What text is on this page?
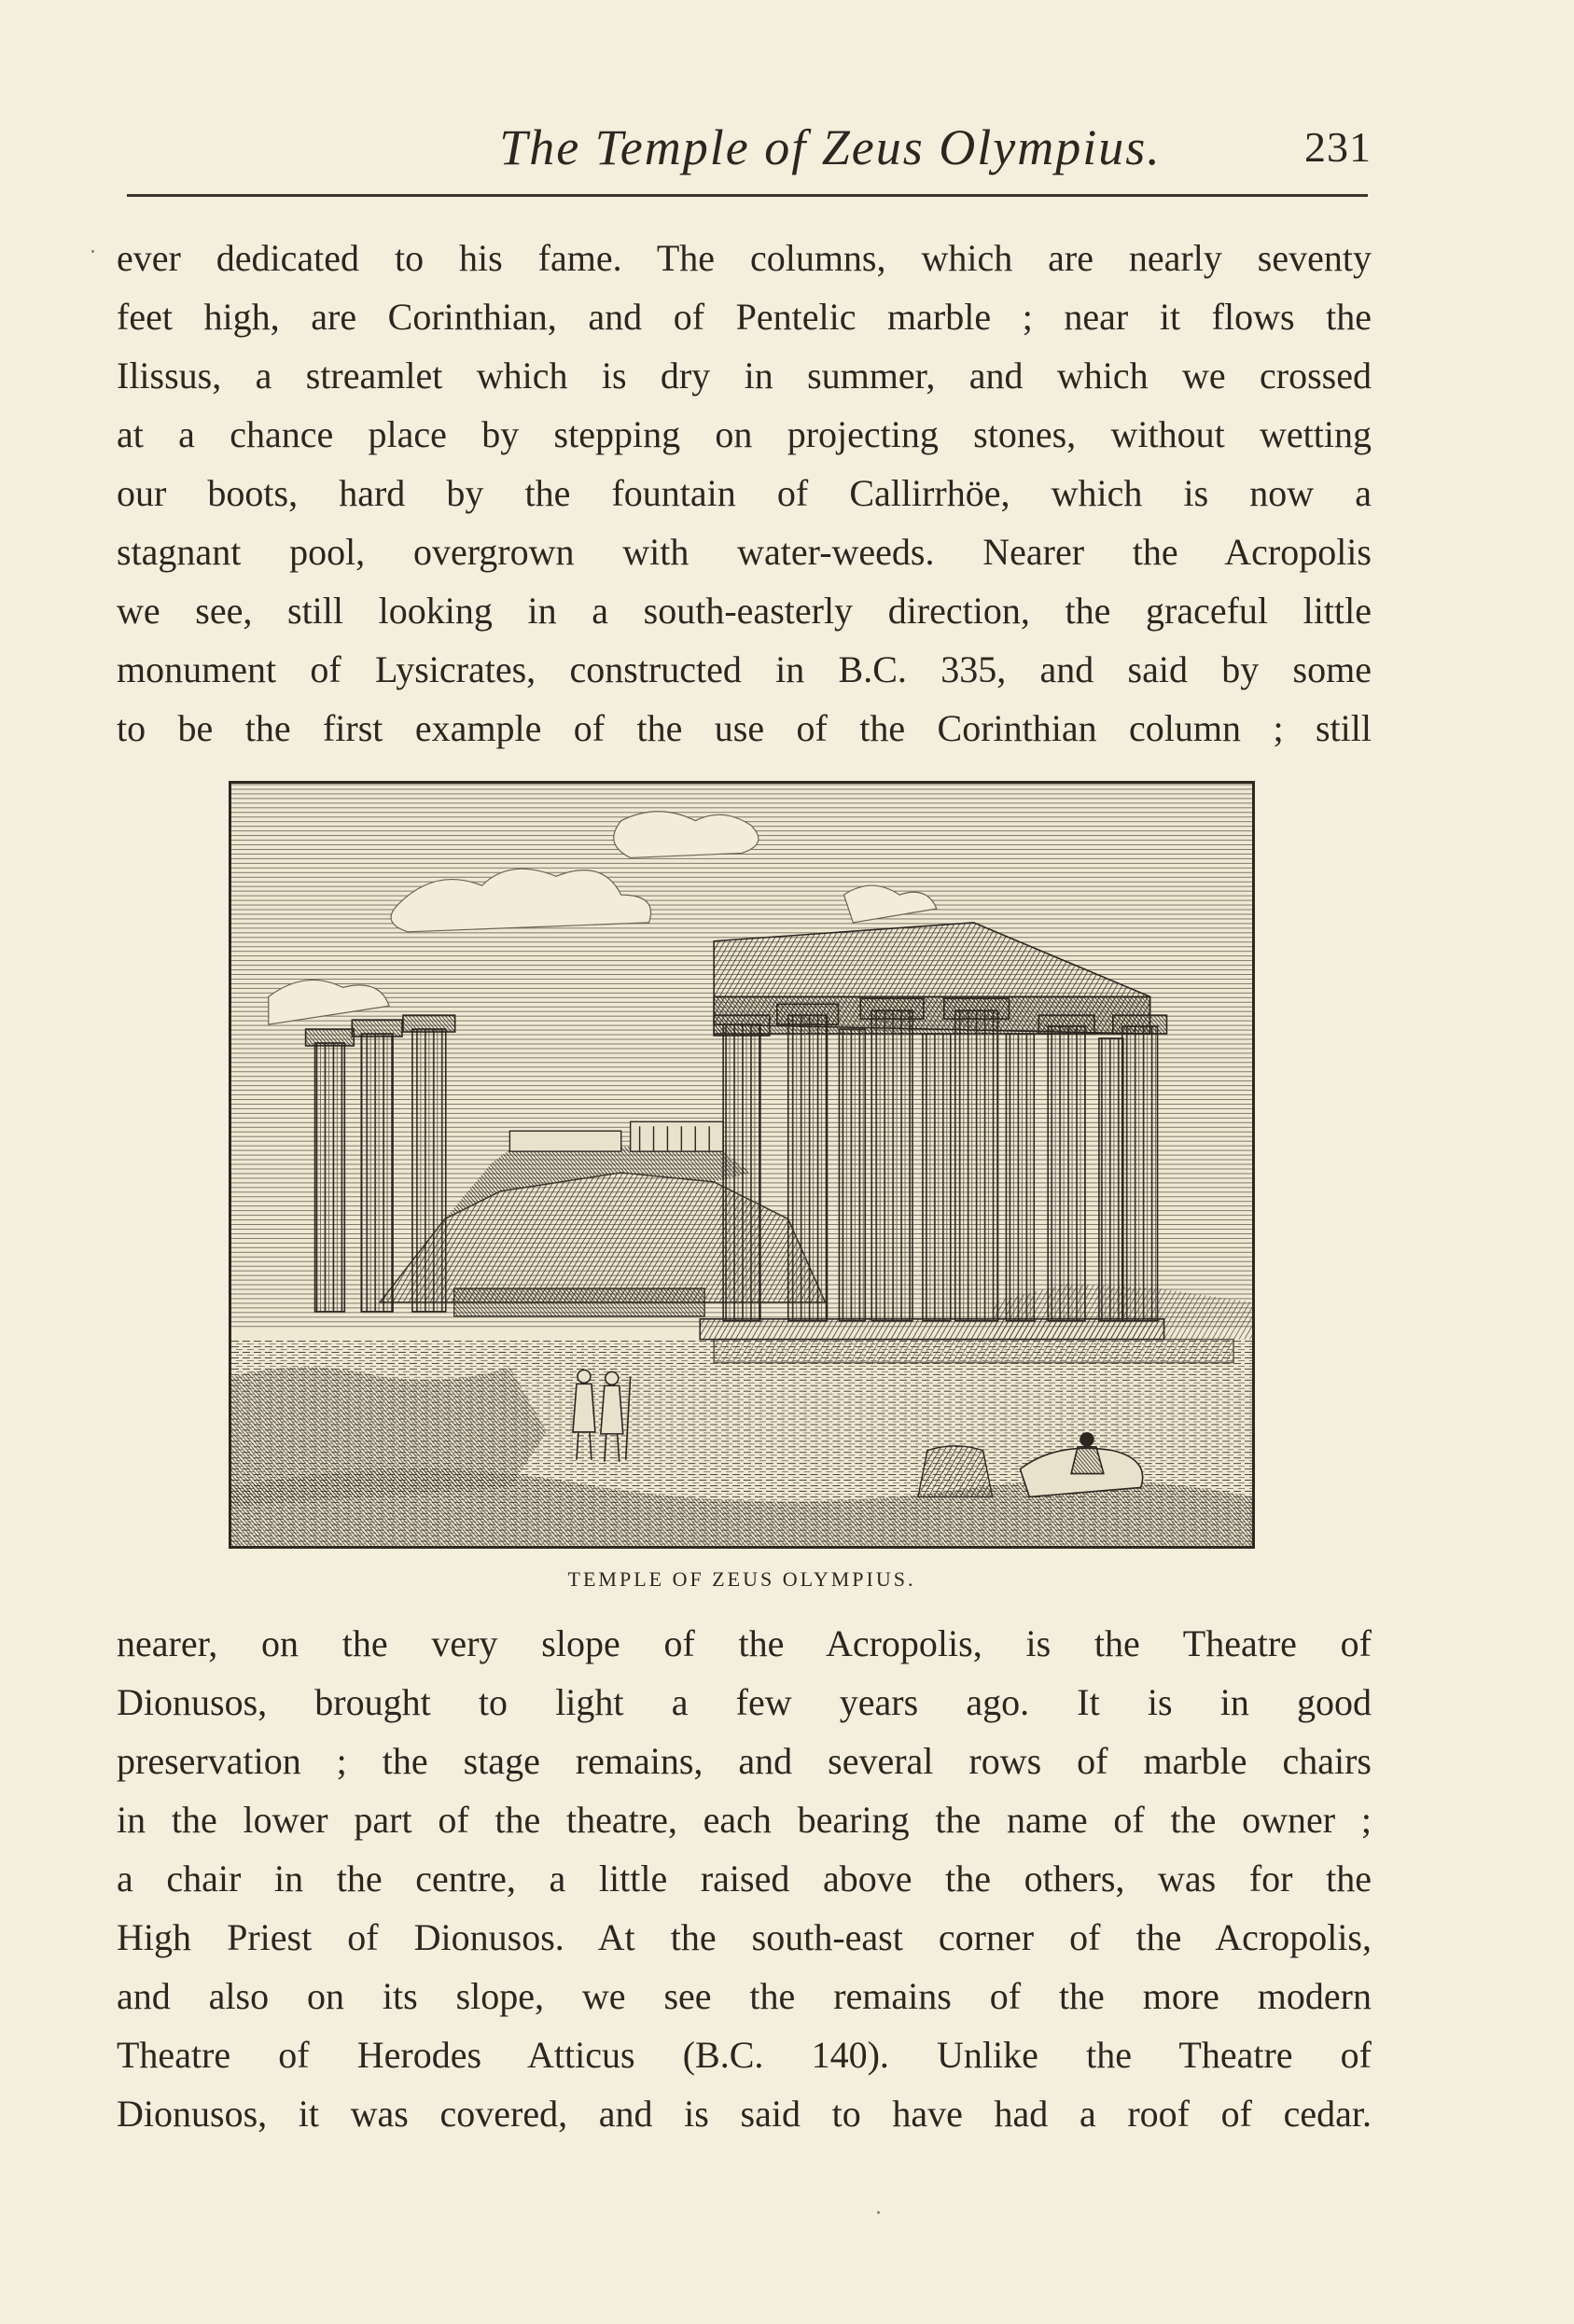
The Temple of Zeus Olympius.	231
ever dedicated to his fame. The columns, which are nearly seventy
feet high, are Corinthian, and of Pentelic marble ; near it flows the
Ilissus, a streamlet which is dry in summer, and which we crossed
at a chance place by stepping on projecting stones, without wetting
our boots, hard by the fountain of Callirrhöe, which is now a
stagnant pool, overgrown with water-weeds. Nearer the Acropolis
we see, still looking in a south-easterly direction, the graceful little
monument of Lysicrates, constructed in B.C. 335, and said by some
to be the first example of the use of the Corinthian column ; still
TEMPLE OF ZEUS OLYMPIUS.
nearer, on the very slope of the Acropolis, is the Theatre of
Dionusos, brought to light a few years ago. It is in good
preservation ; the stage remains, and several rows of marble chairs
in the lower part of the theatre, each bearing the name of the owner ;
a chair in the centre, a little raised above the others, was for the
High Priest of Dionusos. At the south-east corner of the Acropolis,
and also on its slope, we see the remains of the more modern
Theatre of Herodes Atticus (B.C. 140). Unlike the Theatre of
Dionusos, it was covered, and is said to have had a roof of cedar.
